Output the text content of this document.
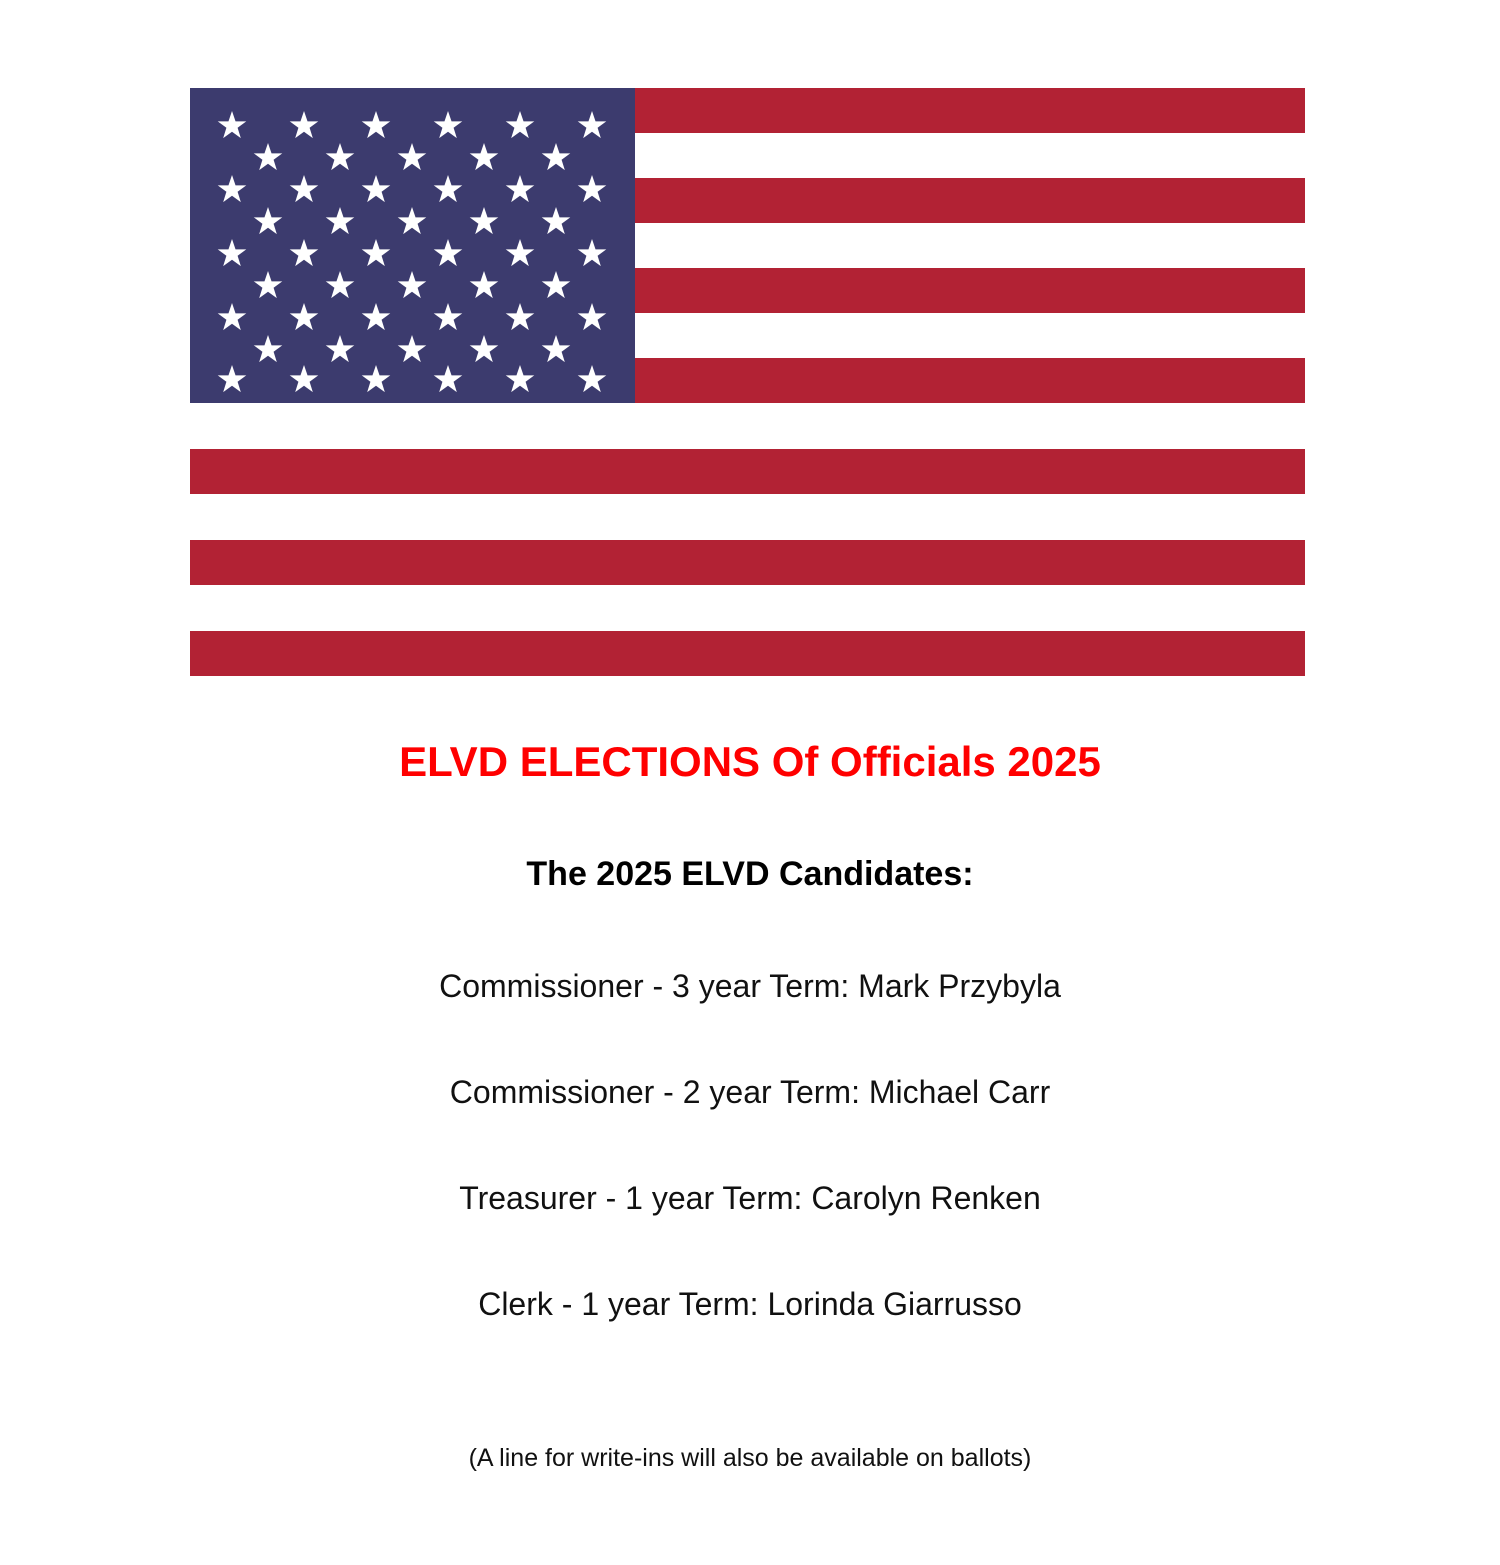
ELVD ELECTIONS Of Officials 2025
The 2025 ELVD Candidates:
Commissioner - 3 year Term: Mark Przybyla
Commissioner - 2 year Term: Michael Carr
Treasurer - 1 year Term: Carolyn Renken
Clerk - 1 year Term: Lorinda Giarrusso
(A line for write-ins will also be available on ballots)
